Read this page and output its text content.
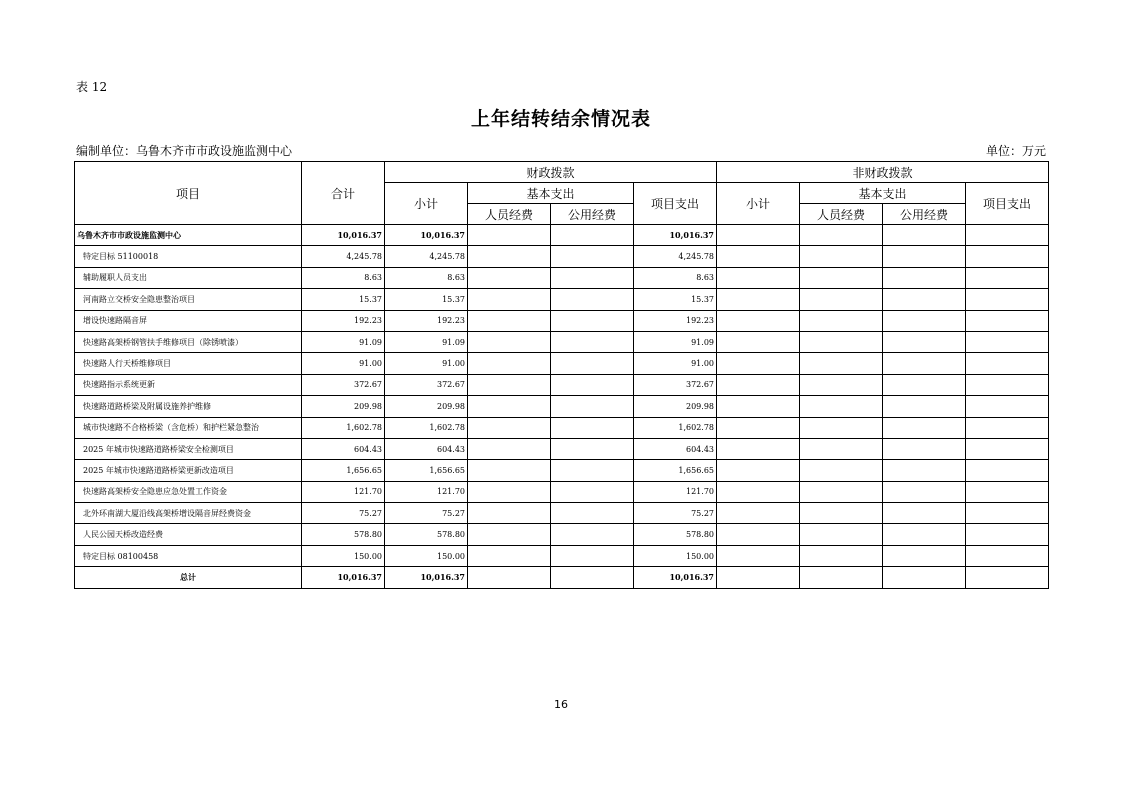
表 12
上年结转结余情况表
编制单位：乌鲁木齐市市政设施监测中心	单位：万元
项目	合计	财政拨款				非财政拨款			
		小计	基本支出		项目支出	小计	基本支出		项目支出
			人员经费	公用经费			人员经费	公用经费	
乌鲁木齐市市政设施监测中心	10,016.37	10,016.37			10,016.37				
特定目标 51100018	4,245.78	4,245.78			4,245.78				
辅助履职人员支出	8.63	8.63			8.63				
河南路立交桥安全隐患整治项目	15.37	15.37			15.37				
增设快速路隔音屏	192.23	192.23			192.23				
快速路高架桥钢管扶手维修项目（除锈喷漆）	91.09	91.09			91.09				
快速路人行天桥维修项目	91.00	91.00			91.00				
快速路指示系统更新	372.67	372.67			372.67				
快速路道路桥梁及附属设施养护维修	209.98	209.98			209.98				
城市快速路不合格桥梁（含危桥）和护栏紧急整治	1,602.78	1,602.78			1,602.78				
2025 年城市快速路道路桥梁安全检测项目	604.43	604.43			604.43				
2025 年城市快速路道路桥梁更新改造项目	1,656.65	1,656.65			1,656.65				
快速路高架桥安全隐患应急处置工作资金	121.70	121.70			121.70				
北外环南湖大厦沿线高架桥增设隔音屏经费资金	75.27	75.27			75.27				
人民公园天桥改造经费	578.80	578.80			578.80				
特定目标 08100458	150.00	150.00			150.00				
总计	10,016.37	10,016.37			10,016.37				
16
